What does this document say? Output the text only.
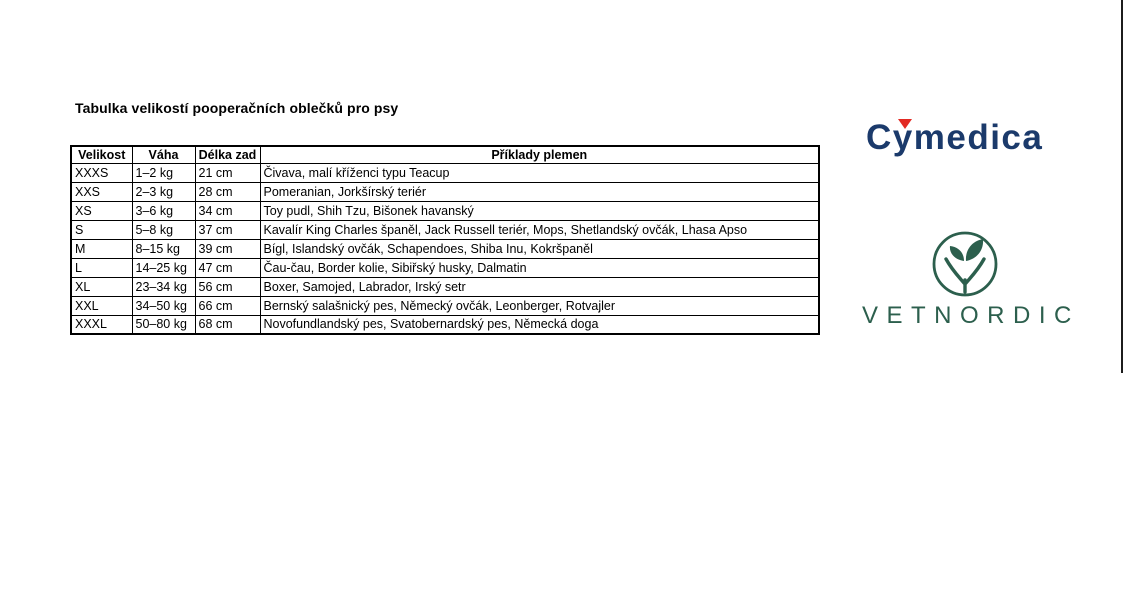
Tabulka velikostí pooperačních oblečků pro psy
Velikost	Váha	Délka zad	Příklady plemen
XXXS	1–2 kg	21 cm	Čivava, malí kříženci typu Teacup
XXS	2–3 kg	28 cm	Pomeranian, Jorkšírský teriér
XS	3–6 kg	34 cm	Toy pudl, Shih Tzu, Bišonek havanský
S	5–8 kg	37 cm	Kavalír King Charles španěl, Jack Russell teriér, Mops, Shetlandský ovčák, Lhasa Apso
M	8–15 kg	39 cm	Bígl, Islandský ovčák, Schapendoes, Shiba Inu, Kokršpaněl
L	14–25 kg	47 cm	Čau-čau, Border kolie, Sibiřský husky, Dalmatin
XL	23–34 kg	56 cm	Boxer, Samojed, Labrador, Irský setr
XXL	34–50 kg	66 cm	Bernský salašnický pes, Německý ovčák, Leonberger, Rotvajler
XXXL	50–80 kg	68 cm	Novofundlandský pes, Svatobernardský pes, Německá doga
Cymedica
VETNORDIC
